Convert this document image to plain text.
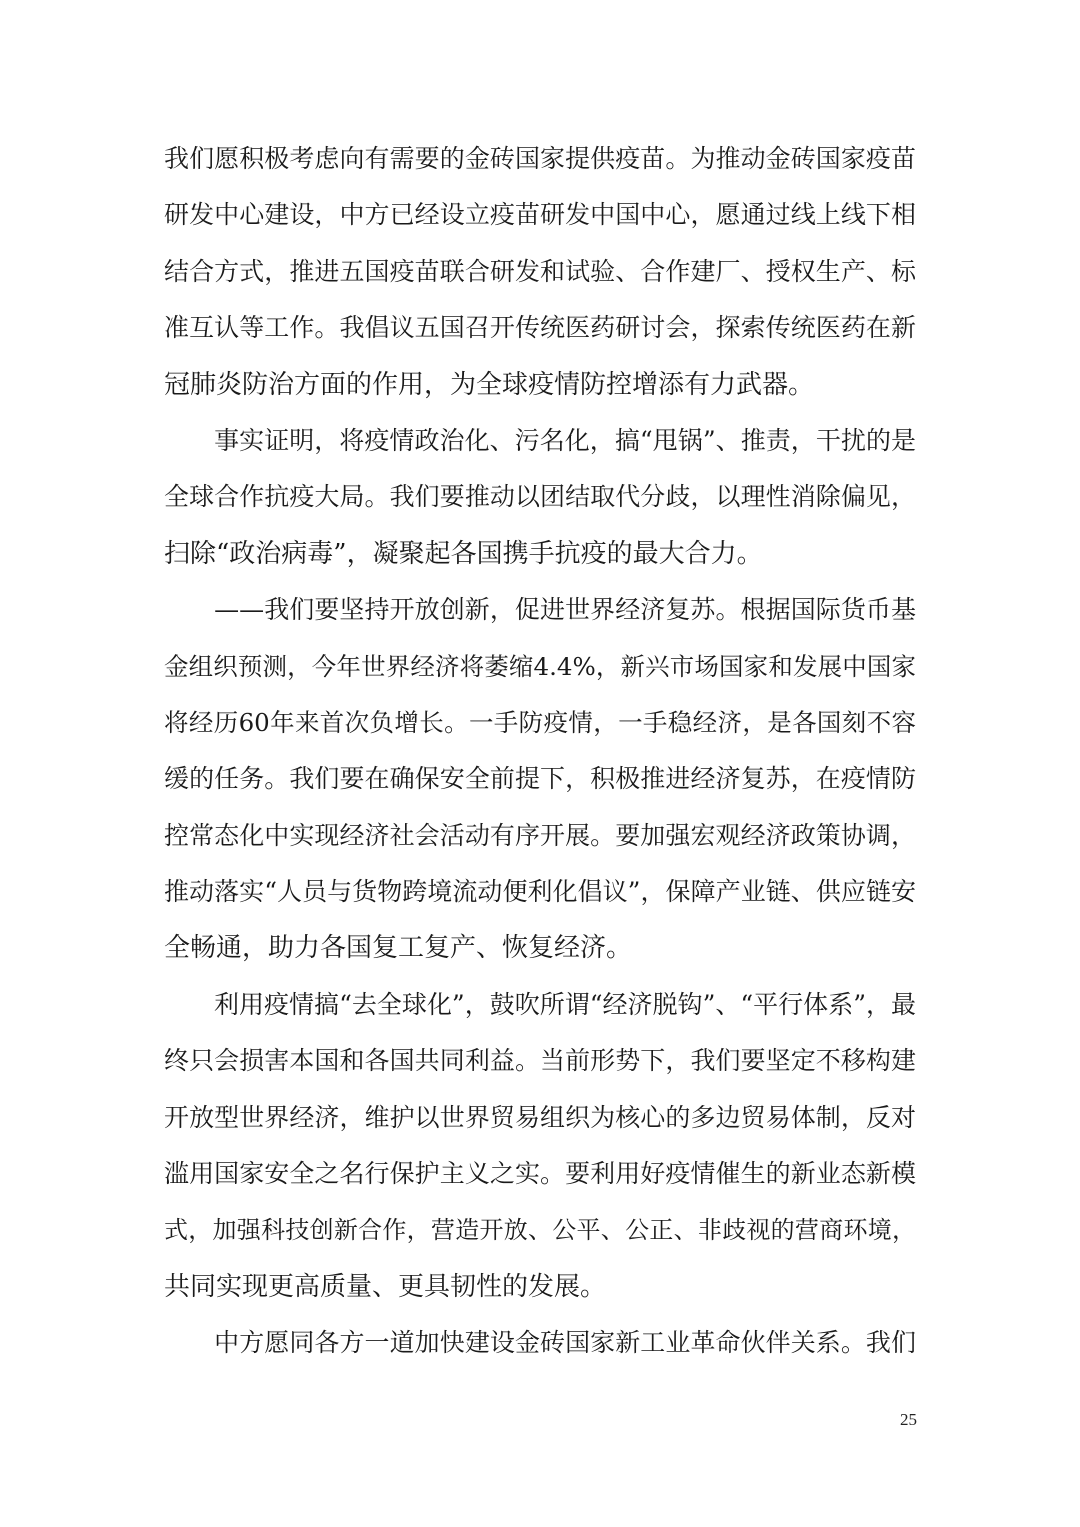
我们愿积极考虑向有需要的金砖国家提供疫苗。为推动金砖国家疫苗
研发中心建设，中方已经设立疫苗研发中国中心，愿通过线上线下相
结合方式，推进五国疫苗联合研发和试验、合作建厂、授权生产、标
准互认等工作。我倡议五国召开传统医药研讨会，探索传统医药在新
冠肺炎防治方面的作用，为全球疫情防控增添有力武器。
　　事实证明，将疫情政治化、污名化，搞“甩锅”、推责，干扰的是
全球合作抗疫大局。我们要推动以团结取代分歧，以理性消除偏见，
扫除“政治病毒”，凝聚起各国携手抗疫的最大合力。
　　——我们要坚持开放创新，促进世界经济复苏。根据国际货币基
金组织预测，今年世界经济将萎缩4.4%，新兴市场国家和发展中国家
将经历60年来首次负增长。一手防疫情，一手稳经济，是各国刻不容
缓的任务。我们要在确保安全前提下，积极推进经济复苏，在疫情防
控常态化中实现经济社会活动有序开展。要加强宏观经济政策协调，
推动落实“人员与货物跨境流动便利化倡议”，保障产业链、供应链安
全畅通，助力各国复工复产、恢复经济。
　　利用疫情搞“去全球化”，鼓吹所谓“经济脱钩”、“平行体系”，最
终只会损害本国和各国共同利益。当前形势下，我们要坚定不移构建
开放型世界经济，维护以世界贸易组织为核心的多边贸易体制，反对
滥用国家安全之名行保护主义之实。要利用好疫情催生的新业态新模
式，加强科技创新合作，营造开放、公平、公正、非歧视的营商环境，
共同实现更高质量、更具韧性的发展。
　　中方愿同各方一道加快建设金砖国家新工业革命伙伴关系。我们
25
